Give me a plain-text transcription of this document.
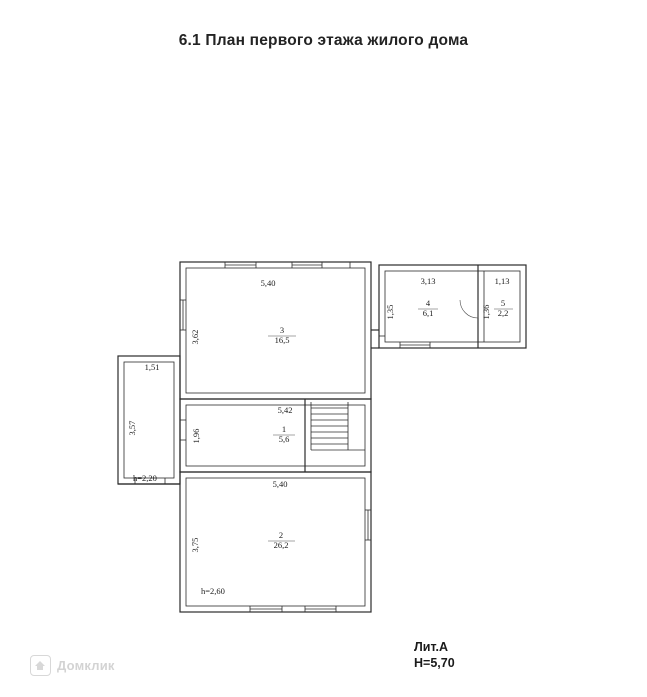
6.1 План первого этажа жилого дома
5,40
3,62	3
16,5
3,13	1,13
1,35	1,36
4
6,1
5
2,2
1,51
3,57
h=2,20
5,42
1,96	1
5,6
5,40
3,75
h=2,60
2
26,2
Лит.А
H=5,70
Домклик
